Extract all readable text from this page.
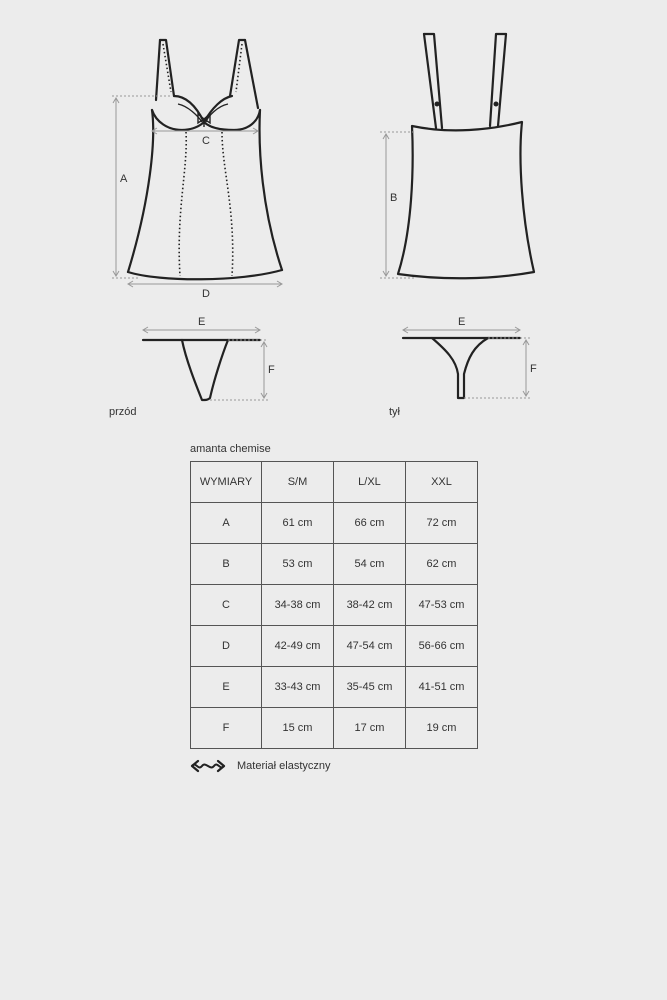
A
C
D
E
F
B
E
F
przód	tył
amanta chemise
WYMIARY	S/M	L/XL	XXL
A	61 cm	66 cm	72 cm
B	53 cm	54 cm	62 cm
C	34-38 cm	38-42 cm	47-53 cm
D	42-49 cm	47-54 cm	56-66 cm
E	33-43 cm	35-45 cm	41-51 cm
F	15 cm	17 cm	19 cm
Materiał elastyczny
